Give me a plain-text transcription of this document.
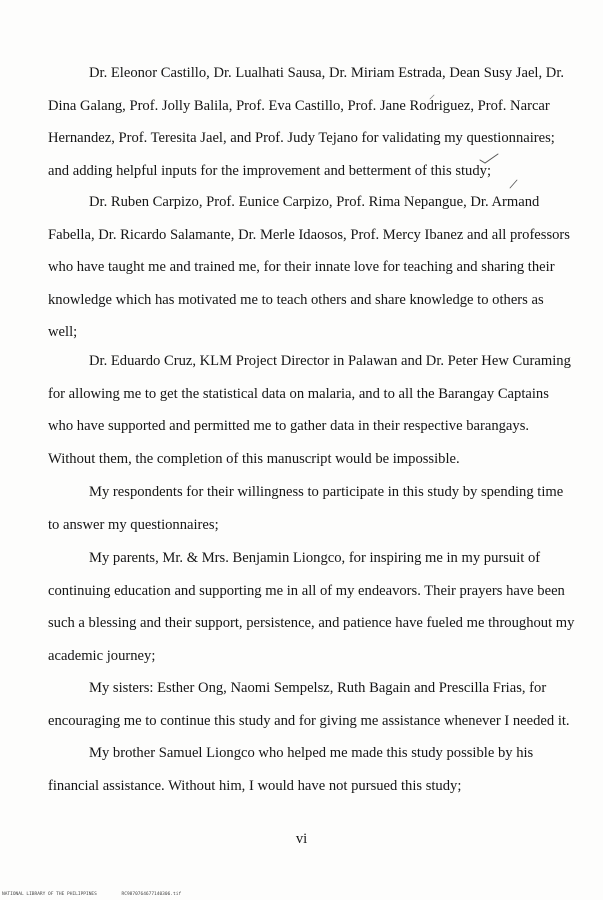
Dr. Eleonor Castillo, Dr. Lualhati Sausa, Dr. Miriam Estrada, Dean Susy Jael, Dr. Dina Galang, Prof. Jolly Balila, Prof. Eva Castillo, Prof. Jane Rodriguez, Prof. Narcar Hernandez, Prof. Teresita Jael, and Prof. Judy Tejano for validating my questionnaires; and adding helpful inputs for the improvement and betterment of this study;

Dr. Ruben Carpizo, Prof. Eunice Carpizo, Prof. Rima Nepangue, Dr. Armand Fabella, Dr. Ricardo Salamante, Dr. Merle Idaosos, Prof. Mercy Ibanez and all professors who have taught me and trained me, for their innate love for teaching and sharing their knowledge which has motivated me to teach others and share knowledge to others as well;

Dr. Eduardo Cruz, KLM Project Director in Palawan and Dr. Peter Hew Curaming for allowing me to get the statistical data on malaria, and to all the Barangay Captains who have supported and permitted me to gather data in their respective barangays. Without them, the completion of this manuscript would be impossible.

My respondents for their willingness to participate in this study by spending time to answer my questionnaires;

My parents, Mr. & Mrs. Benjamin Liongco, for inspiring me in my pursuit of continuing education and supporting me in all of my endeavors. Their prayers have been such a blessing and their support, persistence, and patience have fueled me throughout my academic journey;

My sisters: Esther Ong, Naomi Sempelsz, Ruth Bagain and Prescilla Frias, for encouraging me to continue this study and for giving me assistance whenever I needed it.

My brother Samuel Liongco who helped me made this study possible by his financial assistance. Without him, I would have not pursued this study;

vi
NATIONAL LIBRARY OF THE PHILIPPINES	RC9870764677140306.tif
